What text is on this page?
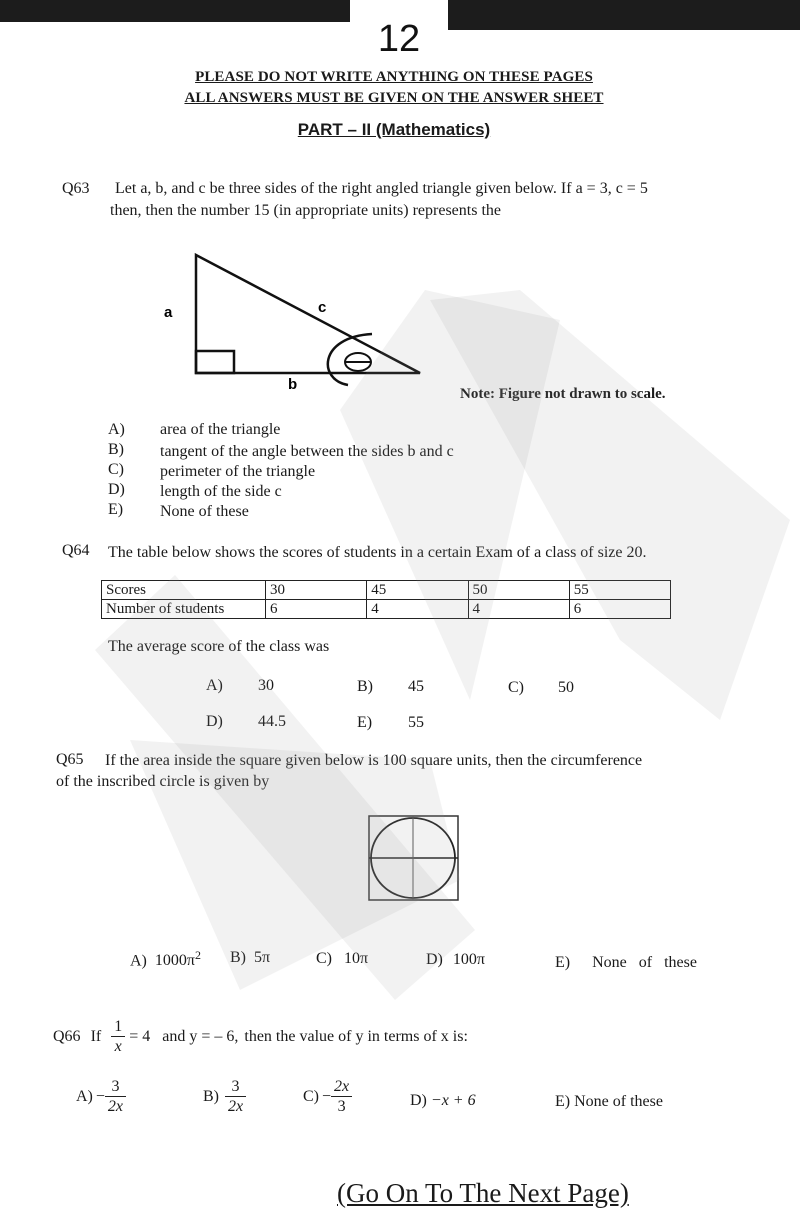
12
PLEASE DO NOT WRITE ANYTHING ON THESE PAGES
ALL ANSWERS MUST BE GIVEN ON THE ANSWER SHEET
PART – II (Mathematics)
Q63 Let a, b, and c be three sides of the right angled triangle given below. If a = 3, c = 5
then, then the number 15 (in appropriate units) represents the
a	c
b
Note: Figure not drawn to scale.
A) area of the triangle
B) tangent of the angle between the sides b and c
C) perimeter of the triangle
D) length of the side c
E) None of these
Q64 The table below shows the scores of students in a certain Exam of a class of size 20.
Scores	30	45	50	55
Number of students	6	4	4	6
The average score of the class was
A) 30	B) 45	C) 50
D) 44.5	E) 55
Q65 If the area inside the square given below is 100 square units, then the circumference
of the inscribed circle is given by
A) $1000\pi^2$ B) 5π	C) 10π	D) 100π	E) None of these
Q66 If $\frac{1}{x} = 4$ and y = – 6, then the value of y in terms of x is:
$A) - \frac{3}{2x}$	$B) \frac{3}{2x}$	$C) - \frac{2x}{3}$	D) −x + 6	E) None of these
(Go On To The Next Page)
